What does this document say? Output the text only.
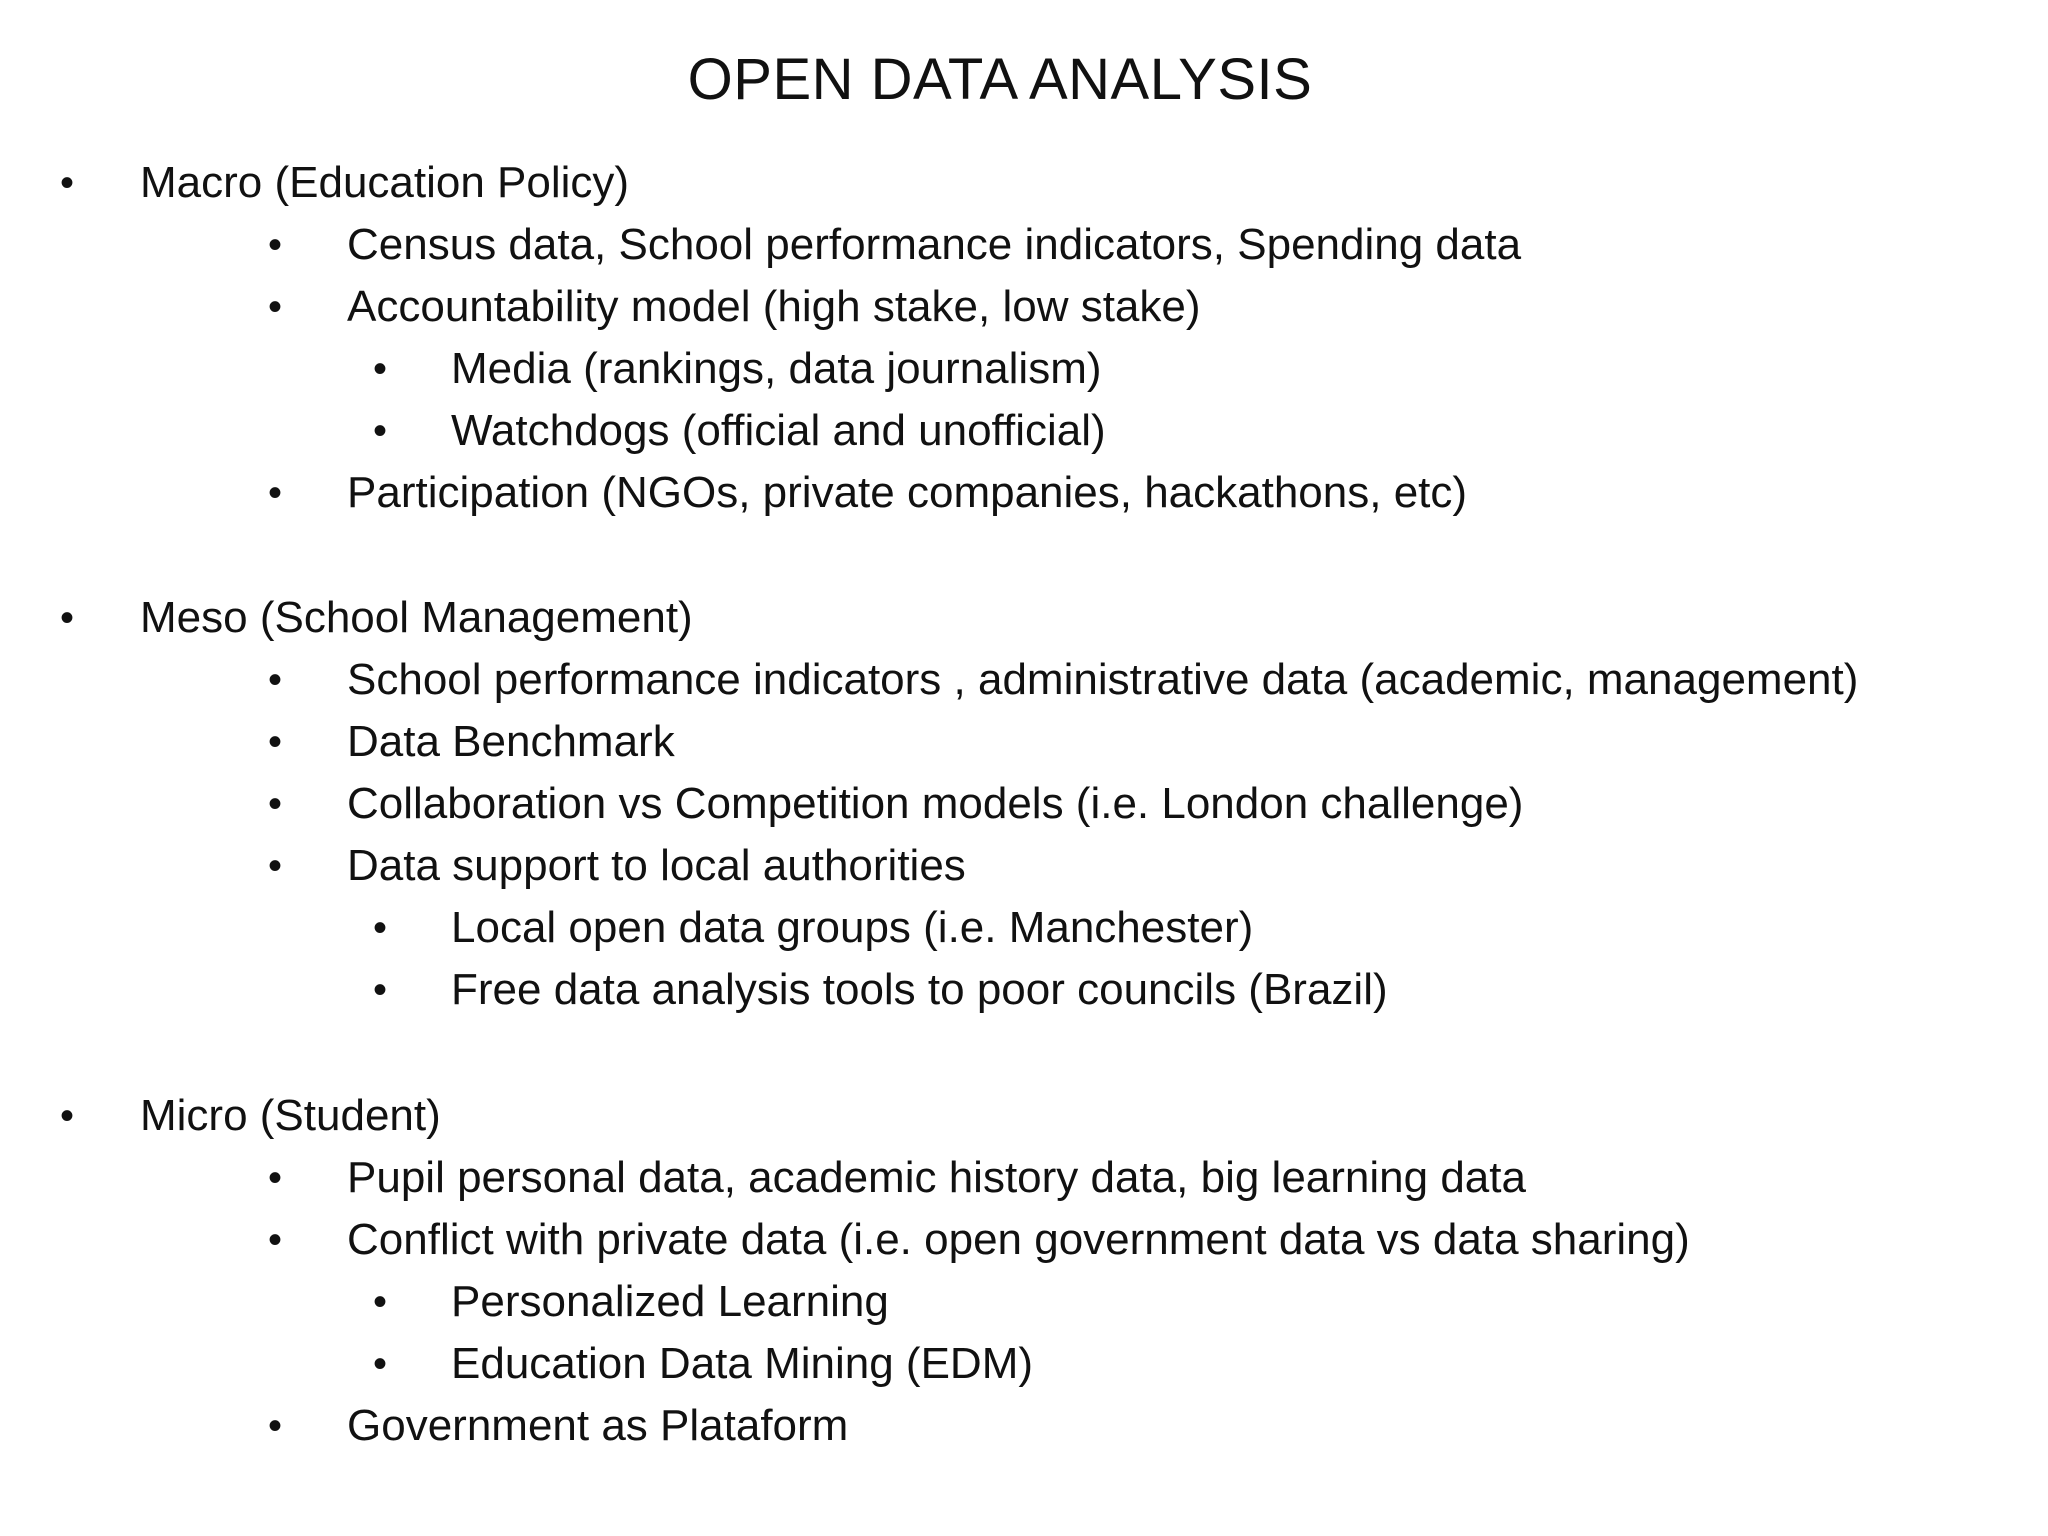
OPEN DATA ANALYSIS
• Macro (Education Policy)
• Census data, School performance indicators, Spending data
• Accountability model (high stake, low stake)
• Media (rankings, data journalism)
• Watchdogs (official and unofficial)
• Participation (NGOs, private companies, hackathons, etc)
• Meso (School Management)
• School performance indicators , administrative data (academic, management)
• Data Benchmark
• Collaboration vs Competition models (i.e. London challenge)
• Data support to local authorities
• Local open data groups (i.e. Manchester)
• Free data analysis tools to poor councils (Brazil)
• Micro (Student)
• Pupil personal data, academic history data, big learning data
• Conflict with private data (i.e. open government data vs data sharing)
• Personalized Learning
• Education Data Mining (EDM)
• Government as Plataform
